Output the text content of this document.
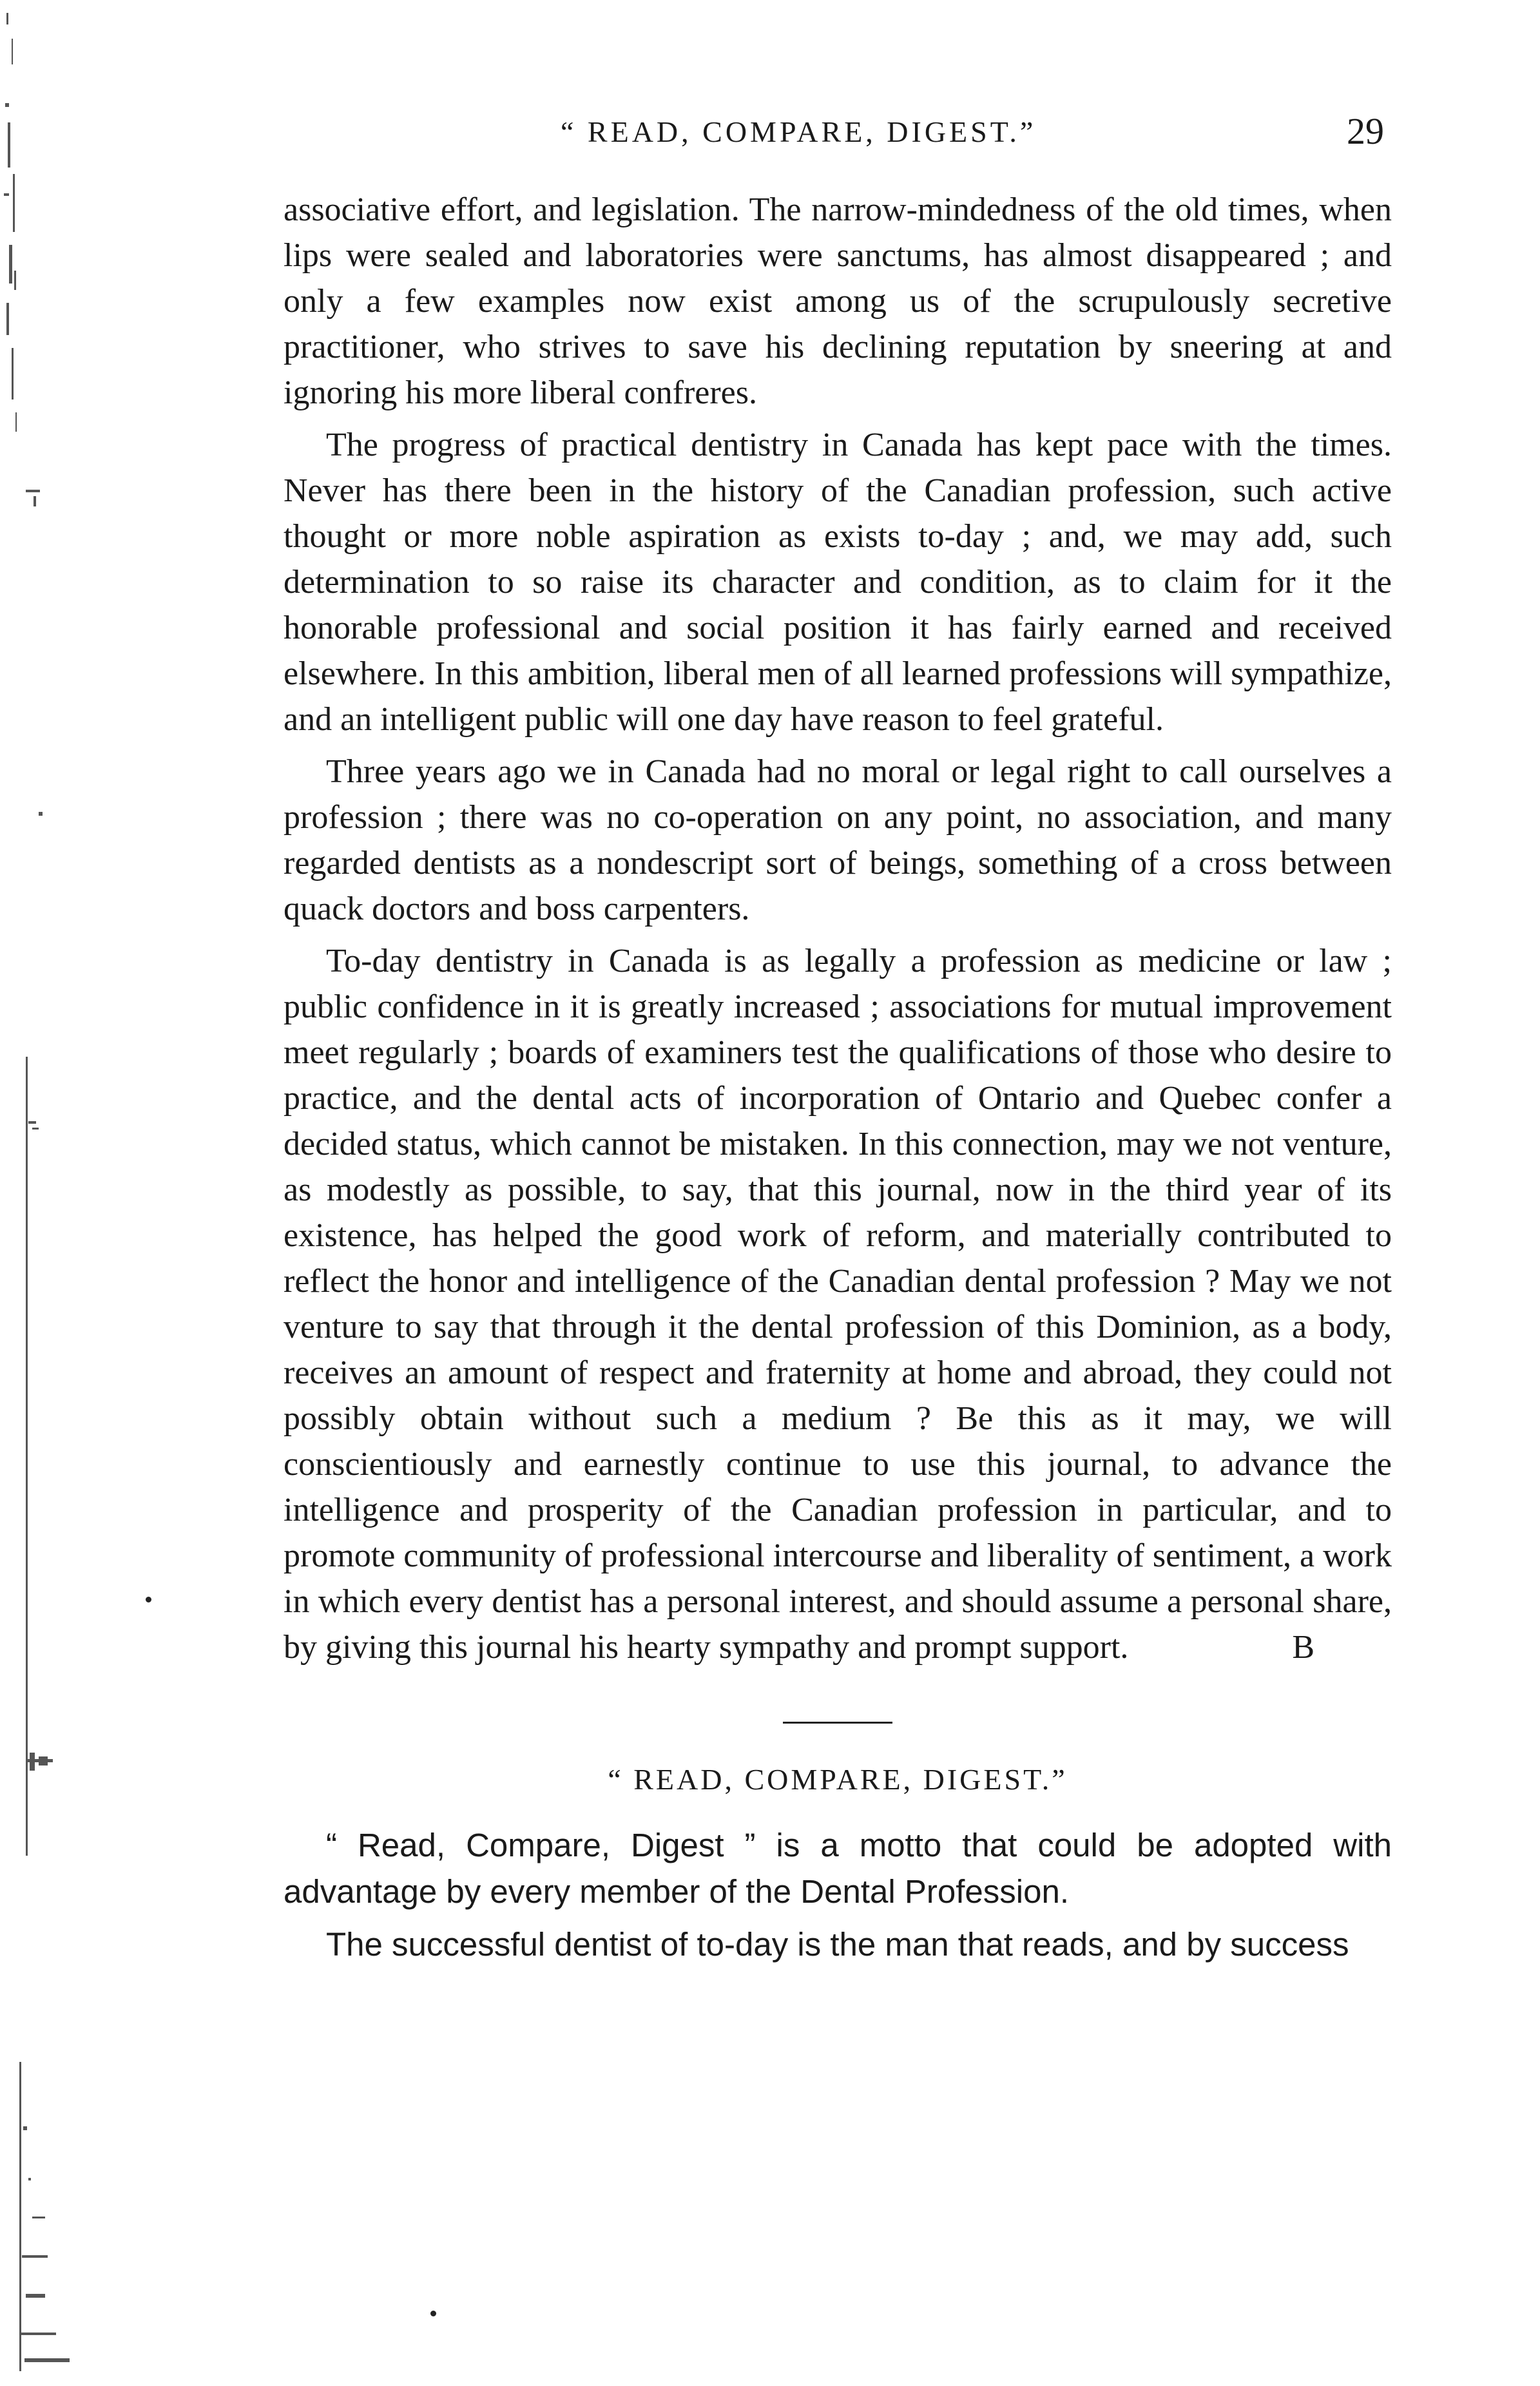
“ READ, COMPARE, DIGEST.”	29

associative effort, and legislation. The narrow-mindedness of the old times, when lips were sealed and laboratories were sanctums, has almost disappeared ; and only a few examples now exist among us of the scrupulously secretive practitioner, who strives to save his declining reputation by sneering at and ignoring his more liberal confreres.

The progress of practical dentistry in Canada has kept pace with the times. Never has there been in the history of the Canadian profession, such active thought or more noble aspiration as exists to-day ; and, we may add, such determination to so raise its character and condition, as to claim for it the honorable professional and social position it has fairly earned and received elsewhere. In this ambition, liberal men of all learned professions will sympathize, and an intelligent public will one day have reason to feel grateful.

Three years ago we in Canada had no moral or legal right to call ourselves a profession ; there was no co-operation on any point, no association, and many regarded dentists as a nondescript sort of beings, something of a cross between quack doctors and boss carpenters.

To-day dentistry in Canada is as legally a profession as medicine or law ; public confidence in it is greatly increased ; associations for mutual improvement meet regularly ; boards of examiners test the qualifications of those who desire to practice, and the dental acts of incorporation of Ontario and Quebec confer a decided status, which cannot be mistaken. In this connection, may we not venture, as modestly as possible, to say, that this journal, now in the third year of its existence, has helped the good work of reform, and materially contributed to reflect the honor and intelligence of the Canadian dental profession ? May we not venture to say that through it the dental profession of this Dominion, as a body, receives an amount of respect and fraternity at home and abroad, they could not possibly obtain without such a medium ? Be this as it may, we will conscientiously and earnestly continue to use this journal, to advance the intelligence and prosperity of the Canadian profession in particular, and to promote community of professional intercourse and liberality of sentiment, a work in which every dentist has a personal interest, and should assume a personal share, by giving this journal his hearty sympathy and prompt support.	B

“ READ, COMPARE, DIGEST.”

“ Read, Compare, Digest ” is a motto that could be adopted with advantage by every member of the Dental Profession.

The successful dentist of to-day is the man that reads, and by success
